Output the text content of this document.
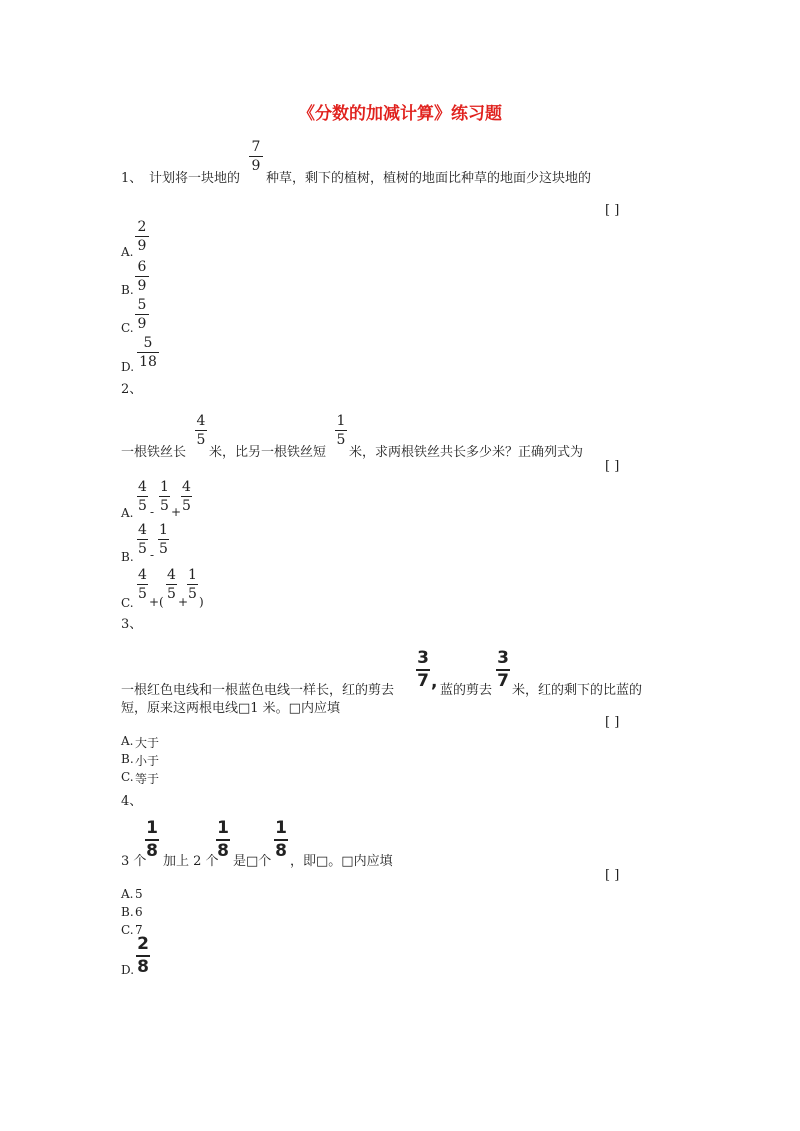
《分数的加减计算》练习题
7
9
1、 计划将一块地的 种草，剩下的植树，植树的地面比种草的地面少这块地的
[ ]
A.
2
9
B.
6
9
C.
5
9
D.
5
18
2、
一根铁丝长
4
5
米，比另一根铁丝短
1
5
米，求两根铁丝共长多少米？正确列式为
[ ]
A.
4
5 -
1
5 +
4
5
B.
4
5 -
1
5
C.
4
5 +(
4
5 +
1
5 )
3、
一根红色电线和一根蓝色电线一样长，红的剪去
3
7 , 蓝的剪去
3
7 米，红的剩下的比蓝的
短，原来这两根电线□1 米。□内应填
[ ]
A. 大于
B. 小于
C. 等于
4、
3 个
1
8
加上 2 个
1
8
是□个
1
8
，即□。□内应填
[ ]
A. 5
B. 6
C. 7
D.
2
8
